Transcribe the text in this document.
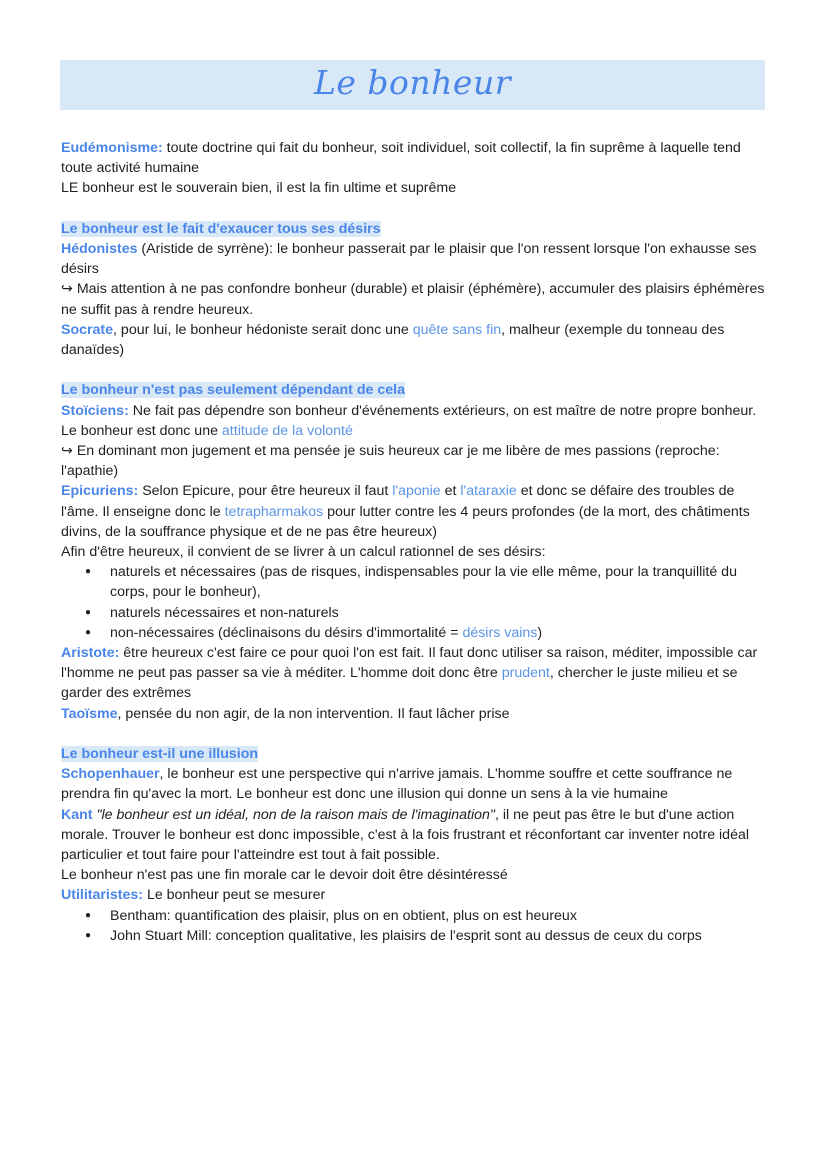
Le bonheur

Eudémonisme: toute doctrine qui fait du bonheur, soit individuel, soit collectif, la fin suprême à laquelle tend toute activité humaine

LE bonheur est le souverain bien, il est la fin ultime et suprême

Le bonheur est le fait d'exaucer tous ses désirs

Hédonistes (Aristide de syrrène): le bonheur passerait par le plaisir que l'on ressent lorsque l'on exhausse ses désirs

↪ Mais attention à ne pas confondre bonheur (durable) et plaisir (éphémère), accumuler des plaisirs éphémères ne suffit pas à rendre heureux.

Socrate, pour lui, le bonheur hédoniste serait donc une quête sans fin, malheur (exemple du tonneau des danaïdes)

Le bonheur n'est pas seulement dépendant de cela

Stoïciens: Ne fait pas dépendre son bonheur d'événements extérieurs, on est maître de notre propre bonheur. Le bonheur est donc une attitude de la volonté

↪ En dominant mon jugement et ma pensée je suis heureux car je me libère de mes passions (reproche: l'apathie)

Epicuriens: Selon Epicure, pour être heureux il faut l'aponie et l'ataraxie et donc se défaire des troubles de l'âme. Il enseigne donc le tetrapharmakos pour lutter contre les 4 peurs profondes (de la mort, des châtiments divins, de la souffrance physique et de ne pas être heureux)

Afin d'être heureux, il convient de se livrer à un calcul rationnel de ses désirs:

● naturels et nécessaires (pas de risques, indispensables pour la vie elle même, pour la tranquillité du corps, pour le bonheur),
● naturels nécessaires et non-naturels
● non-nécessaires (déclinaisons du désirs d'immortalité = désirs vains)

Aristote: être heureux c'est faire ce pour quoi l'on est fait. Il faut donc utiliser sa raison, méditer, impossible car l'homme ne peut pas passer sa vie à méditer. L'homme doit donc être prudent, chercher le juste milieu et se garder des extrêmes

Taoïsme, pensée du non agir, de la non intervention. Il faut lâcher prise

Le bonheur est-il une illusion

Schopenhauer, le bonheur est une perspective qui n'arrive jamais. L'homme souffre et cette souffrance ne prendra fin qu'avec la mort. Le bonheur est donc une illusion qui donne un sens à la vie humaine

Kant "le bonheur est un idéal, non de la raison mais de l'imagination", il ne peut pas être le but d'une action morale. Trouver le bonheur est donc impossible, c'est à la fois frustrant et réconfortant car inventer notre idéal particulier et tout faire pour l'atteindre est tout à fait possible.

Le bonheur n'est pas une fin morale car le devoir doit être désintéressé

Utilitaristes: Le bonheur peut se mesurer

● Bentham: quantification des plaisir, plus on en obtient, plus on est heureux
● John Stuart Mill: conception qualitative, les plaisirs de l'esprit sont au dessus de ceux du corps
